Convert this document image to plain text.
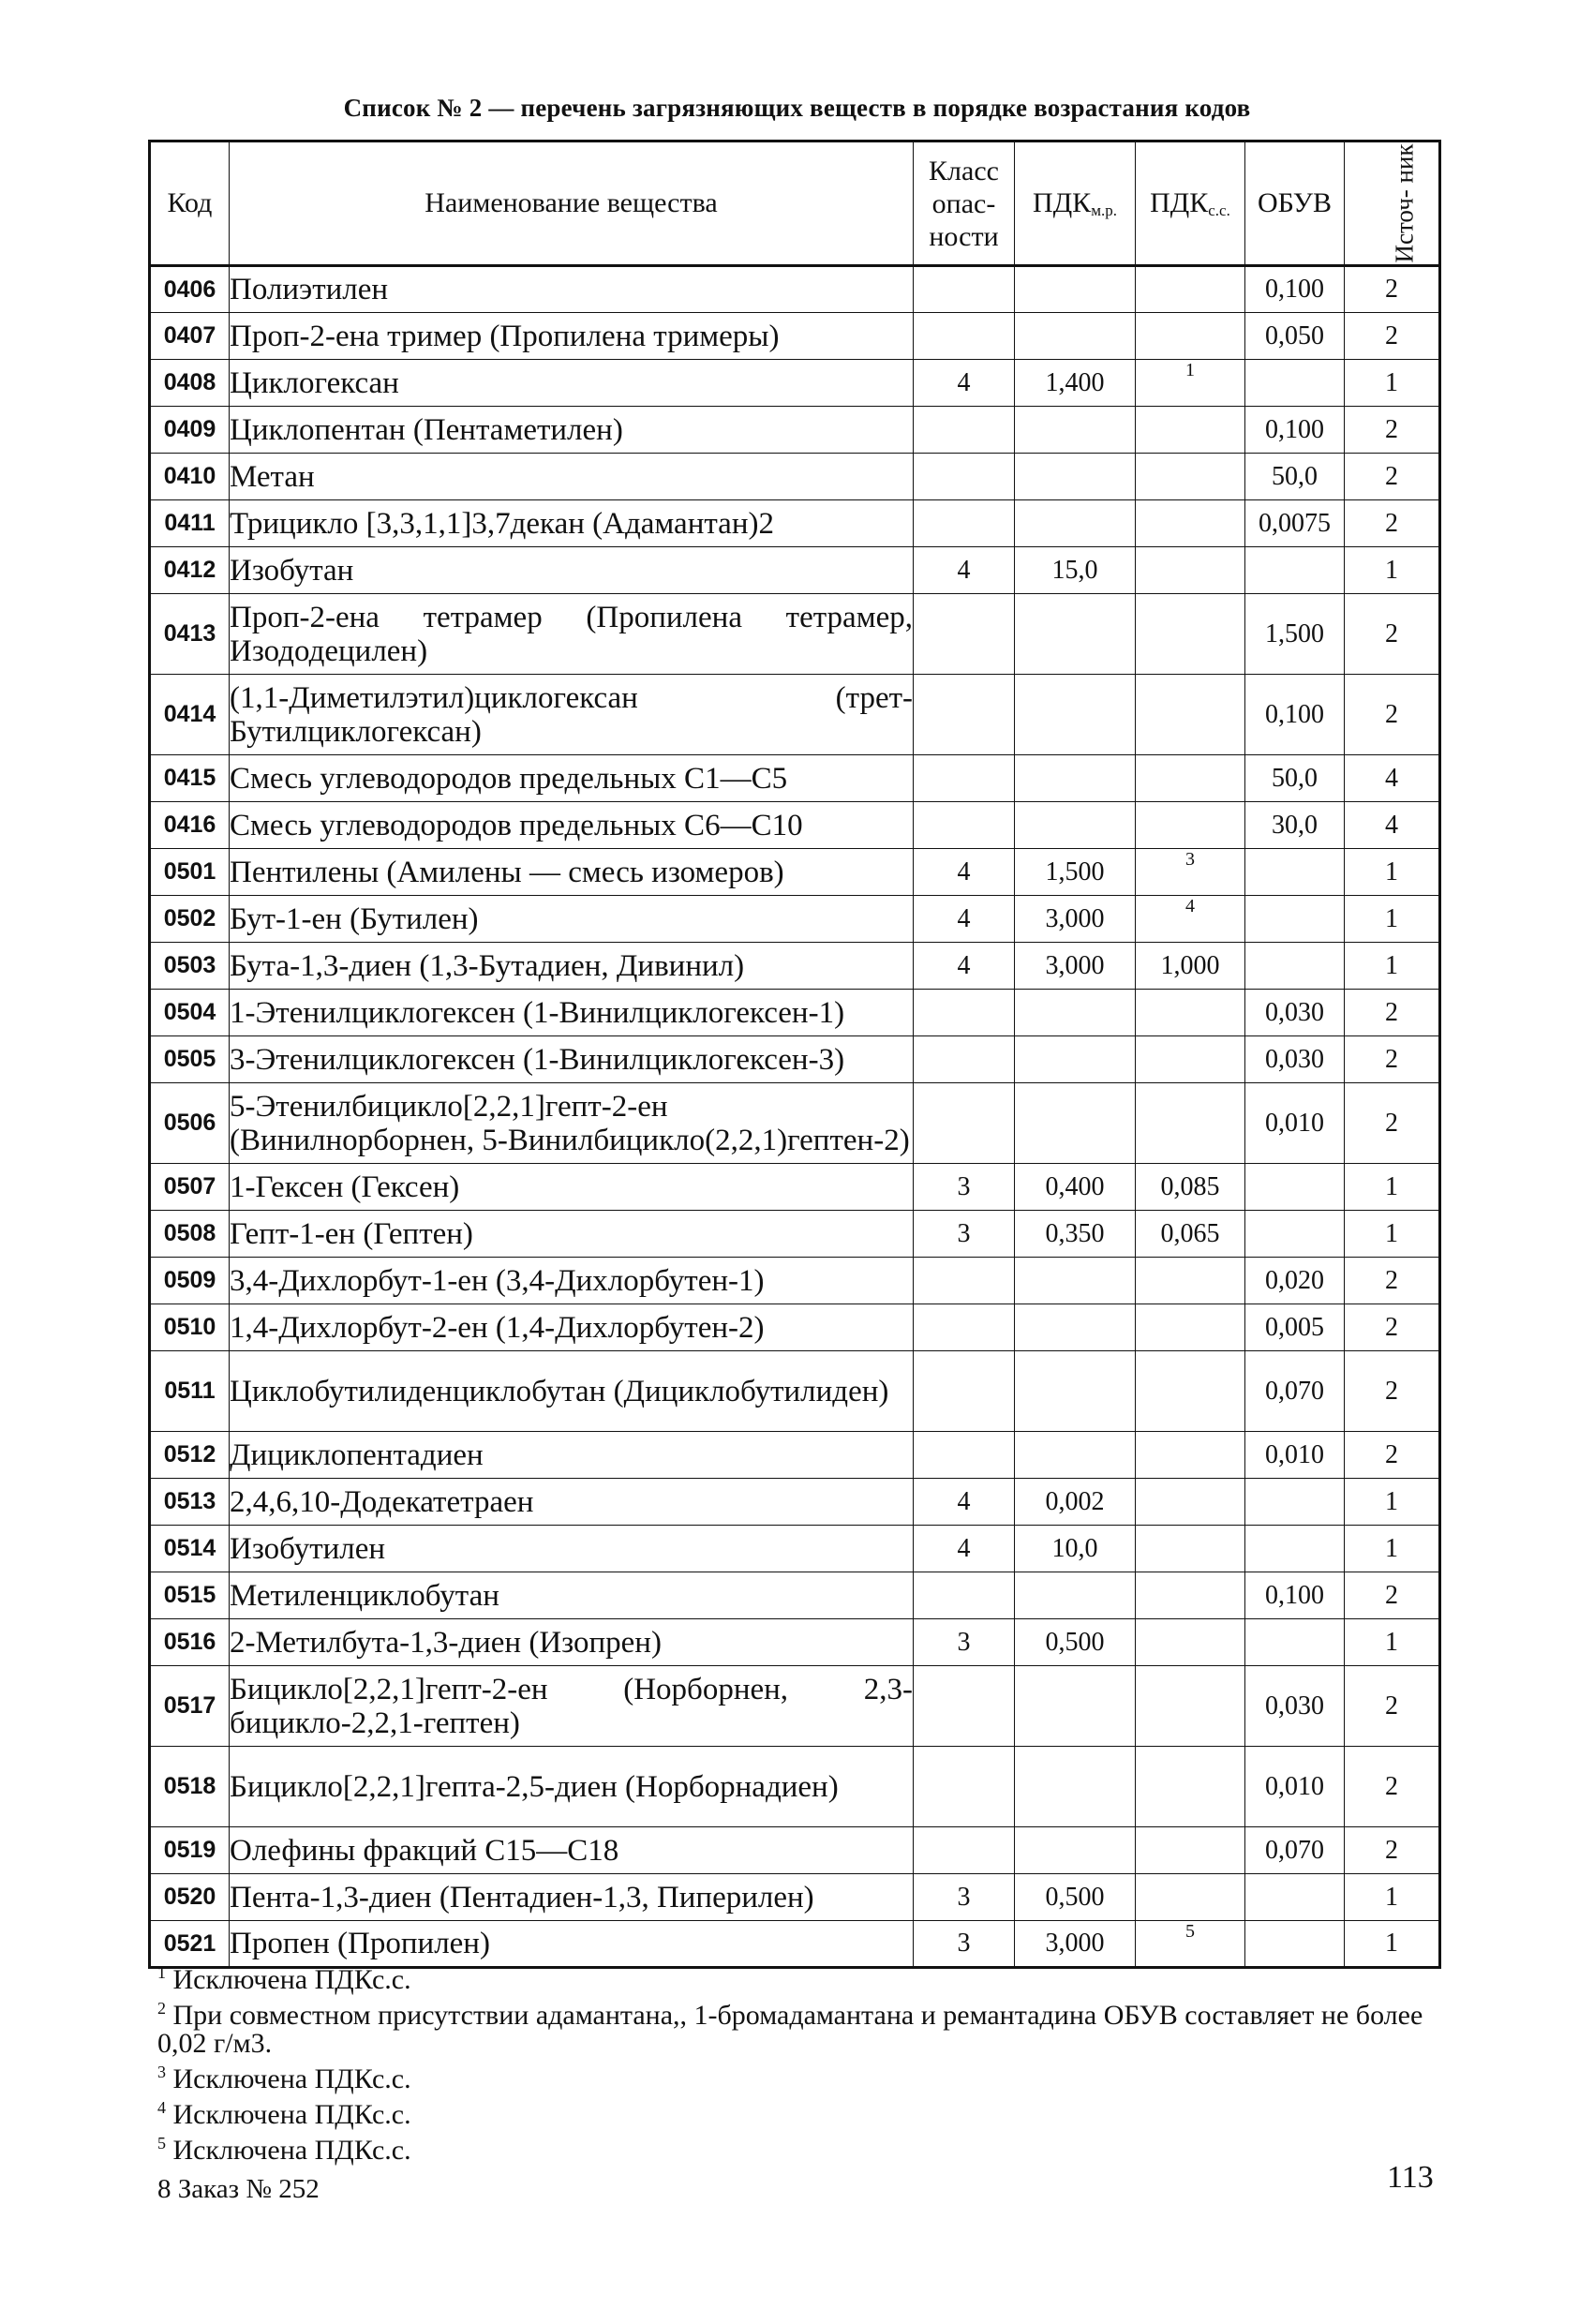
Список № 2 — перечень загрязняющих веществ в порядке возрастания кодов
Код	Наименование вещества	Класс опас- ности	$ПДК_{м.р.}$	$ПДК_{с.с.}$	ОБУВ	Источ- ник
0406	Полиэтилен				0,100	2
0407	Проп-2-ена тример (Пропилена тримеры)				0,050	2
0408	Циклогексан	4	1,400	1		1
0409	Циклопентан (Пентаметилен)				0,100	2
0410	Метан				50,0	2
0411	Трицикло [3,3,1,1]3,7декан (Адамантан)2				0,0075	2
0412	Изобутан	4	15,0			1
0413	Проп-2-ена тетрамер (Пропилена тетрамер, Изододецилен)				1,500	2
0414	(1,1-Диметилэтил)циклогексан (трет-Бутилциклогексан)				0,100	2
0415	Смесь углеводородов предельных C1—C5				50,0	4
0416	Смесь углеводородов предельных C6—C10				30,0	4
0501	Пентилены (Амилены — смесь изомеров)	4	1,500	3		1
0502	Бут-1-ен (Бутилен)	4	3,000	4		1
0503	Бута-1,3-диен (1,3-Бутадиен, Дивинил)	4	3,000	1,000		1
0504	1-Этенилциклогексен (1-Винилциклогексен-1)				0,030	2
0505	3-Этенилциклогексен (1-Винилциклогексен-3)				0,030	2
0506	5-Этенилбицикло[2,2,1]гепт-2-ен (Винилнорборнен, 5-Винилбицикло(2,2,1)гептен-2)				0,010	2
0507	1-Гексен (Гексен)	3	0,400	0,085		1
0508	Гепт-1-ен (Гептен)	3	0,350	0,065		1
0509	3,4-Дихлорбут-1-ен (3,4-Дихлорбутен-1)				0,020	2
0510	1,4-Дихлорбут-2-ен (1,4-Дихлорбутен-2)				0,005	2
0511	Циклобутилиденциклобутан (Дициклобутилиден)				0,070	2
0512	Дициклопентадиен				0,010	2
0513	2,4,6,10-Додекатетраен	4	0,002			1
0514	Изобутилен	4	10,0			1
0515	Метиленциклобутан				0,100	2
0516	2-Метилбута-1,3-диен (Изопрен)	3	0,500			1
0517	Бицикло[2,2,1]гепт-2-ен (Норборнен, 2,3-бицикло-2,2,1-гептен)				0,030	2
0518	Бицикло[2,2,1]гепта-2,5-диен (Норборнадиен)				0,010	2
0519	Олефины фракций C15—C18				0,070	2
0520	Пента-1,3-диен (Пентадиен-1,3, Пиперилен)	3	0,500			1
0521	Пропен (Пропилен)	3	3,000	5		1
$^1$ Исключена ПДКс.с.
$^2$ При совместном присутствии адамантана,, 1-бромадамантана и ремантадина ОБУВ составляет не более 0,02 г/м3.
$^3$ Исключена ПДКс.с.
$^4$ Исключена ПДКс.с.
$^5$ Исключена ПДКс.с.
8 Заказ № 252	113
